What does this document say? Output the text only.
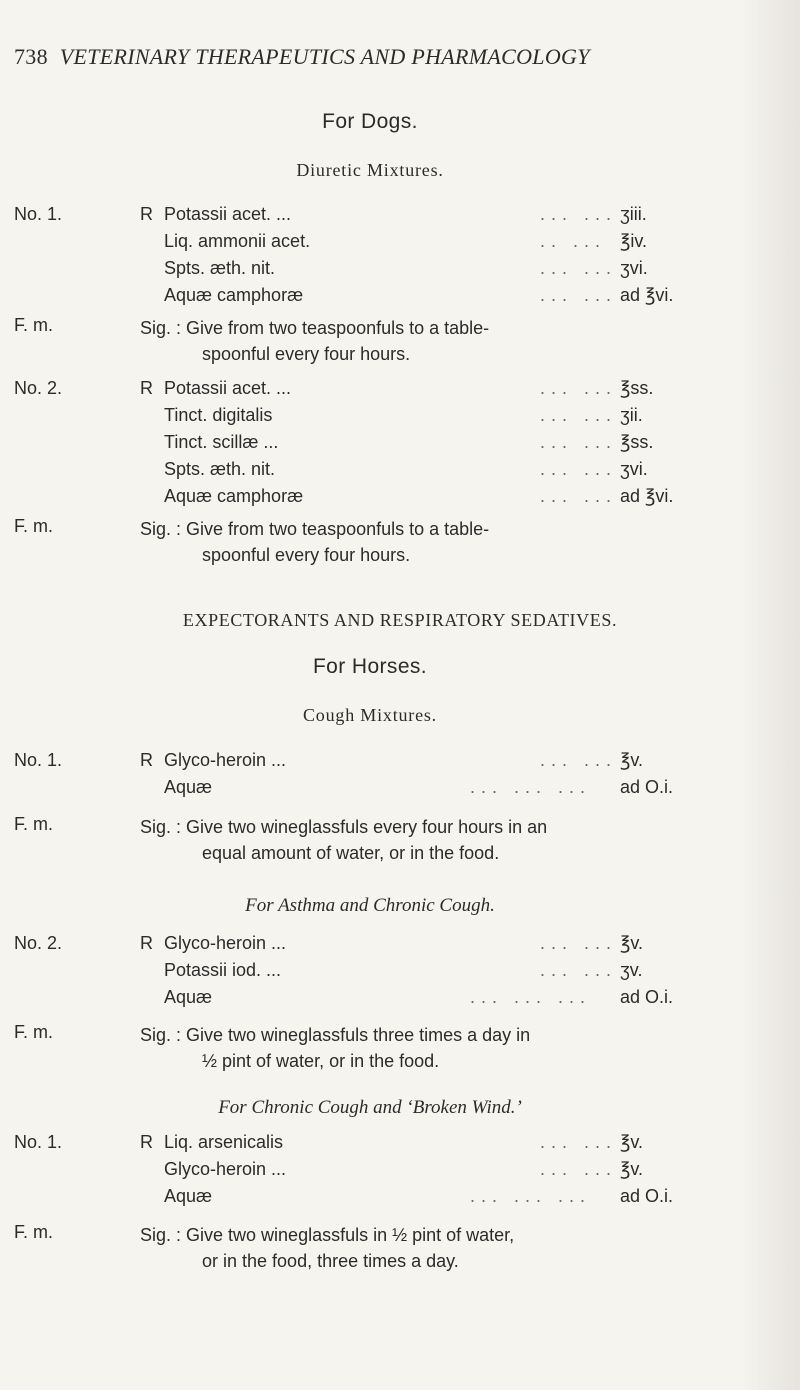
738 VETERINARY THERAPEUTICS AND PHARMACOLOGY
For Dogs.
Diuretic Mixtures.
No. 1.	R Potassii acet. ...	... ... ʒiii.
Liq. ammonii acet.	.. ... ℥iv.
Spts. æth. nit.	... ... ʒvi.
Aquæ camphoræ	... ... ad ℥vi.
F. m.	Sig. : Give from two teaspoonfuls to a table-
spoonful every four hours.
No. 2.	R Potassii acet. ...	... ... ℥ss.
Tinct. digitalis	... ... ʒii.
Tinct. scillæ ...	... ... ℥ss.
Spts. æth. nit.	... ... ʒvi.
Aquæ camphoræ	... ... ad ℥vi.
F. m.	Sig. : Give from two teaspoonfuls to a table-
spoonful every four hours.
EXPECTORANTS AND RESPIRATORY SEDATIVES.
For Horses.
Cough Mixtures.
No. 1.	R Glyco-heroin ...	... ... ℥v.
Aquæ	... ... ... ad O.i.
F. m.	Sig. : Give two wineglassfuls every four hours in an
equal amount of water, or in the food.
For Asthma and Chronic Cough.
No. 2.	R Glyco-heroin ...	... ... ℥v.
Potassii iod. ...	... ... ʒv.
Aquæ	... ... ... ad O.i.
F. m.	Sig. : Give two wineglassfuls three times a day in
½ pint of water, or in the food.
For Chronic Cough and ‘Broken Wind.’
No. 1.	R Liq. arsenicalis	... ... ℥v.
Glyco-heroin ...	... ... ℥v.
Aquæ	... ... ... ad O.i.
F. m.	Sig. : Give two wineglassfuls in ½ pint of water,
or in the food, three times a day.
